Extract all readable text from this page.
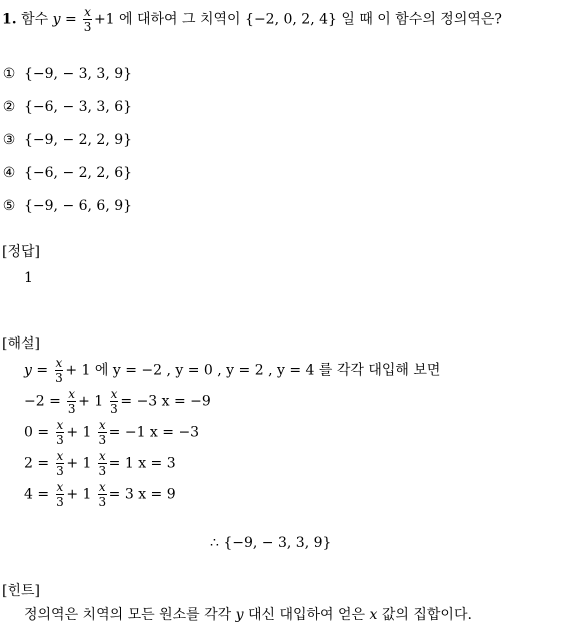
1. 함수 $y = \frac{x}{3} +1$ 에 대하여 그 치역이 {−2, 0, 2, 4} 일 때 이 함수의 정의역은?
① {−9, − 3, 3, 9}
② {−6, − 3, 3, 6}
③ {−9, − 2, 2, 9}
④ {−6, − 2, 2, 6}
⑤ {−9, − 6, 6, 9}
[정답]
1
[해설]
$y = \frac{x}{3} + 1$ 에 y = −2 , y = 0 , y = 2 , y = 4 를 각각 대입해 보면
$-2 = \frac{x}{3} + 1 \frac{x}{3} = -3$ x = −9
$0 = \frac{x}{3} + 1 \frac{x}{3} = -1$ x = −3
$2 = \frac{x}{3} + 1 \frac{x}{3} = 1$ x = 3
$4 = \frac{x}{3} + 1 \frac{x}{3} = 3$ x = 9
∴ {−9, − 3, 3, 9}
[힌트]
정의역은 치역의 모든 원소를 각각 y 대신 대입하여 얻은 x 값의 집합이다.
